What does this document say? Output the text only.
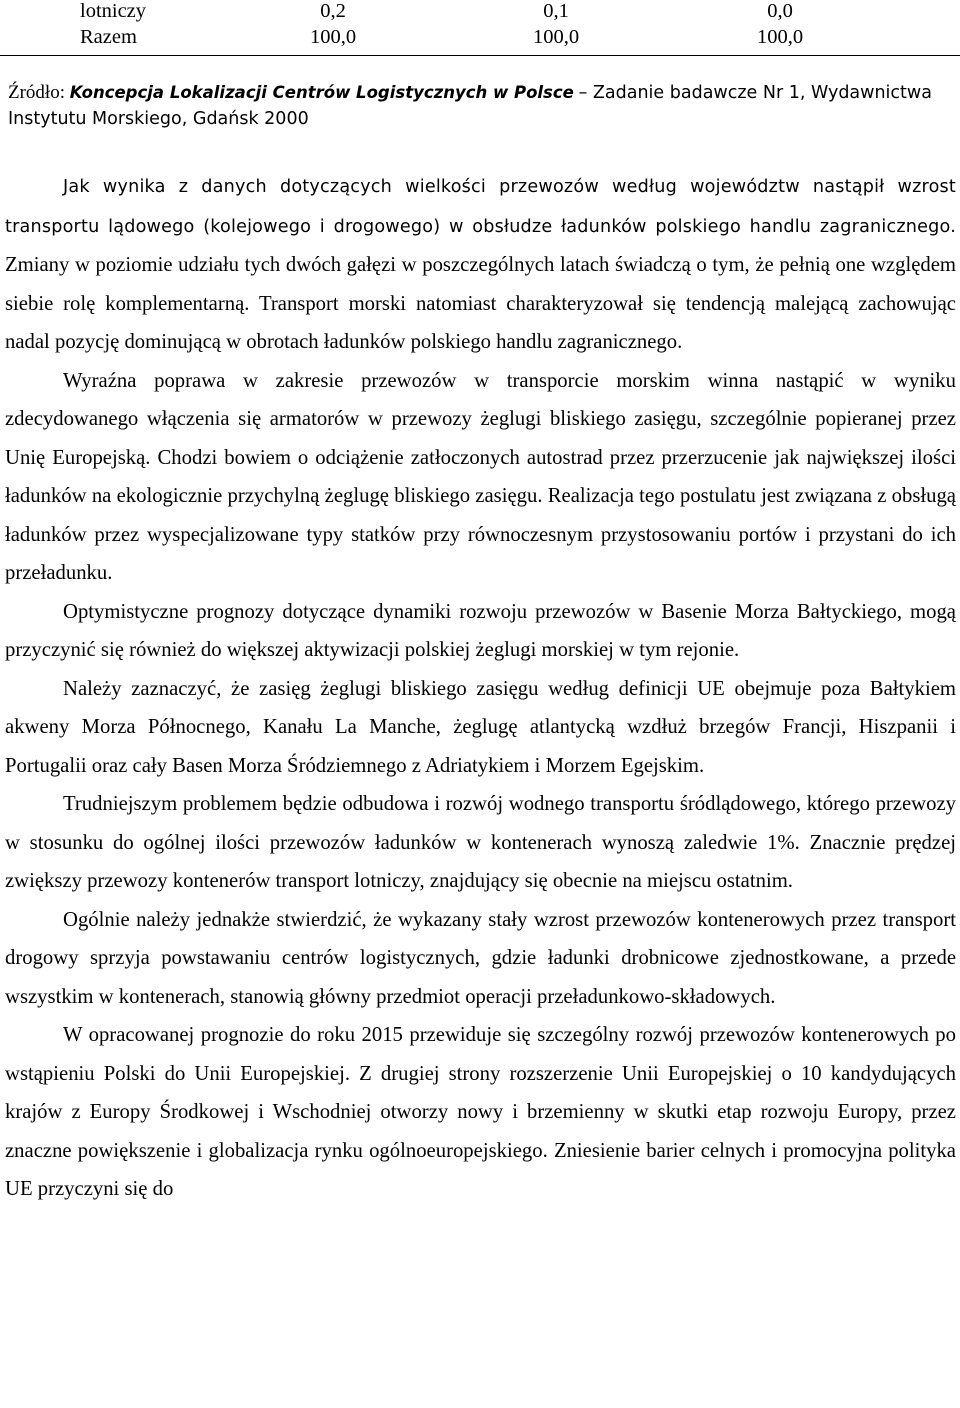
lotniczy	0,2	0,1	0,0
Razem	100,0	100,0	100,0
Źródło: Koncepcja Lokalizacji Centrów Logistycznych w Polsce – Zadanie badawcze Nr 1, Wydawnictwa Instytutu Morskiego, Gdańsk 2000

Jak wynika z danych dotyczących wielkości przewozów według województw nastąpił wzrost transportu lądowego (kolejowego i drogowego) w obsłudze ładunków polskiego handlu zagranicznego. Zmiany w poziomie udziału tych dwóch gałęzi w poszczególnych latach świadczą o tym, że pełnią one względem siebie rolę komplementarną. Transport morski natomiast charakteryzował się tendencją malejącą zachowując nadal pozycję dominującą w obrotach ładunków polskiego handlu zagranicznego.

Wyraźna poprawa w zakresie przewozów w transporcie morskim winna nastąpić w wyniku zdecydowanego włączenia się armatorów w przewozy żeglugi bliskiego zasięgu, szczególnie popieranej przez Unię Europejską. Chodzi bowiem o odciążenie zatłoczonych autostrad przez przerzucenie jak największej ilości ładunków na ekologicznie przychylną żeglugę bliskiego zasięgu. Realizacja tego postulatu jest związana z obsługą ładunków przez wyspecjalizowane typy statków przy równoczesnym przystosowaniu portów i przystani do ich przeładunku.

Optymistyczne prognozy dotyczące dynamiki rozwoju przewozów w Basenie Morza Bałtyckiego, mogą przyczynić się również do większej aktywizacji polskiej żeglugi morskiej w tym rejonie.

Należy zaznaczyć, że zasięg żeglugi bliskiego zasięgu według definicji UE obejmuje poza Bałtykiem akweny Morza Północnego, Kanału La Manche, żeglugę atlantycką wzdłuż brzegów Francji, Hiszpanii i Portugalii oraz cały Basen Morza Śródziemnego z Adriatykiem i Morzem Egejskim.

Trudniejszym problemem będzie odbudowa i rozwój wodnego transportu śródlądowego, którego przewozy w stosunku do ogólnej ilości przewozów ładunków w kontenerach wynoszą zaledwie 1%. Znacznie prędzej zwiększy przewozy kontenerów transport lotniczy, znajdujący się obecnie na miejscu ostatnim.

Ogólnie należy jednakże stwierdzić, że wykazany stały wzrost przewozów kontenerowych przez transport drogowy sprzyja powstawaniu centrów logistycznych, gdzie ładunki drobnicowe zjednostkowane, a przede wszystkim w kontenerach, stanowią główny przedmiot operacji przeładunkowo-składowych.

W opracowanej prognozie do roku 2015 przewiduje się szczególny rozwój przewozów kontenerowych po wstąpieniu Polski do Unii Europejskiej. Z drugiej strony rozszerzenie Unii Europejskiej o 10 kandydujących krajów z Europy Środkowej i Wschodniej otworzy nowy i brzemienny w skutki etap rozwoju Europy, przez znaczne powiększenie i globalizacja rynku ogólnoeuropejskiego. Zniesienie barier celnych i promocyjna polityka UE przyczyni się do
